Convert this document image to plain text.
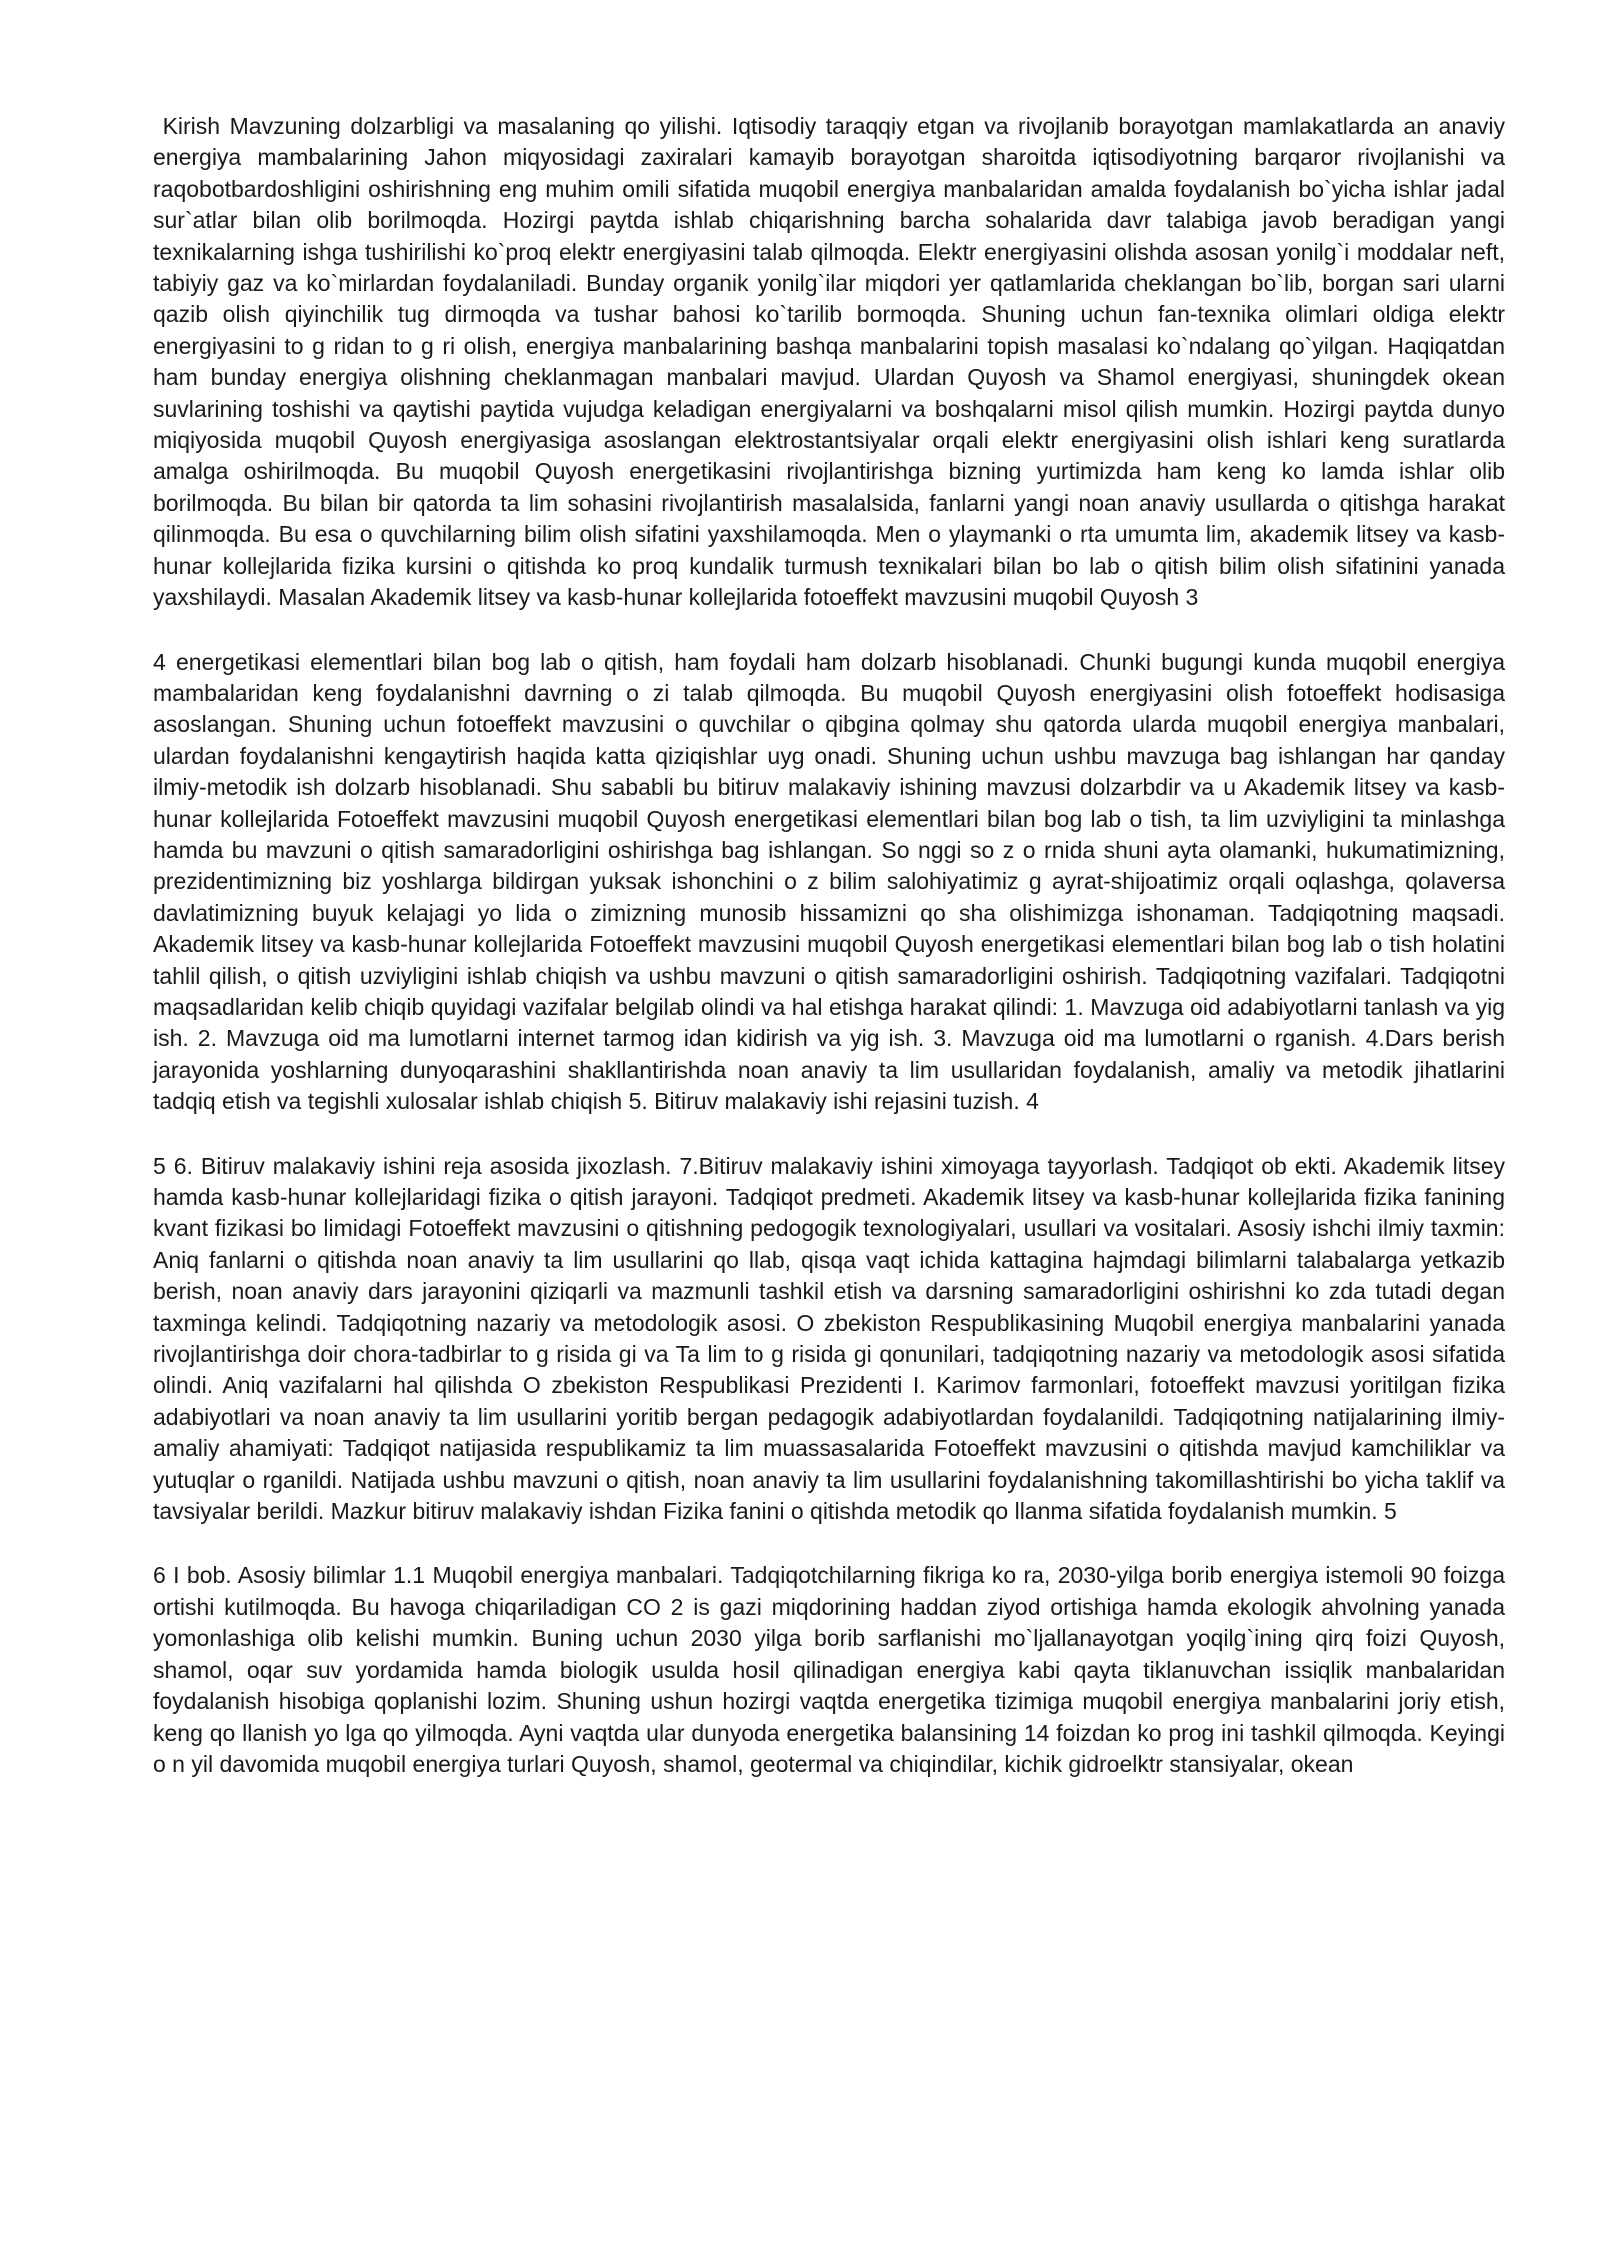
Kirish Mavzuning dolzarbligi va masalaning qo yilishi. Iqtisodiy taraqqiy etgan va rivojlanib borayotgan mamlakatlarda an anaviy energiya mambalarining Jahon miqyosidagi zaxiralari kamayib borayotgan sharoitda iqtisodiyotning barqaror rivojlanishi va raqobotbardoshligini oshirishning eng muhim omili sifatida muqobil energiya manbalaridan amalda foydalanish bo`yicha ishlar jadal sur`atlar bilan olib borilmoqda. Hozirgi paytda ishlab chiqarishning barcha sohalarida davr talabiga javob beradigan yangi texnikalarning ishga tushirilishi ko`proq elektr energiyasini talab qilmoqda. Elektr energiyasini olishda asosan yonilg`i moddalar neft, tabiyiy gaz va ko`mirlardan foydalaniladi. Bunday organik yonilg`ilar miqdori yer qatlamlarida cheklangan bo`lib, borgan sari ularni qazib olish qiyinchilik tug dirmoqda va tushar bahosi ko`tarilib bormoqda. Shuning uchun fan-texnika olimlari oldiga elektr energiyasini to g ridan to g ri olish, energiya manbalarining bashqa manbalarini topish masalasi ko`ndalang qo`yilgan. Haqiqatdan ham bunday energiya olishning cheklanmagan manbalari mavjud. Ulardan Quyosh va Shamol energiyasi, shuningdek okean suvlarining toshishi va qaytishi paytida vujudga keladigan energiyalarni va boshqalarni misol qilish mumkin. Hozirgi paytda dunyo miqiyosida muqobil Quyosh energiyasiga asoslangan elektrostantsiyalar orqali elektr energiyasini olish ishlari keng suratlarda amalga oshirilmoqda. Bu muqobil Quyosh energetikasini rivojlantirishga bizning yurtimizda ham keng ko lamda ishlar olib borilmoqda. Bu bilan bir qatorda ta lim sohasini rivojlantirish masalalsida, fanlarni yangi noan anaviy usullarda o qitishga harakat qilinmoqda. Bu esa o quvchilarning bilim olish sifatini yaxshilamoqda. Men o ylaymanki o rta umumta lim, akademik litsey va kasb-hunar kollejlarida fizika kursini o qitishda ko proq kundalik turmush texnikalari bilan bo lab o qitish bilim olish sifatinini yanada yaxshilaydi. Masalan Akademik litsey va kasb-hunar kollejlarida fotoeffekt mavzusini muqobil Quyosh 3

4 energetikasi elementlari bilan bog lab o qitish, ham foydali ham dolzarb hisoblanadi. Chunki bugungi kunda muqobil energiya mambalaridan keng foydalanishni davrning o zi talab qilmoqda. Bu muqobil Quyosh energiyasini olish fotoeffekt hodisasiga asoslangan. Shuning uchun fotoeffekt mavzusini o quvchilar o qibgina qolmay shu qatorda ularda muqobil energiya manbalari, ulardan foydalanishni kengaytirish haqida katta qiziqishlar uyg onadi. Shuning uchun ushbu mavzuga bag ishlangan har qanday ilmiy-metodik ish dolzarb hisoblanadi. Shu sababli bu bitiruv malakaviy ishining mavzusi dolzarbdir va u Akademik litsey va kasb-hunar kollejlarida Fotoeffekt mavzusini muqobil Quyosh energetikasi elementlari bilan bog lab o tish, ta lim uzviyligini ta minlashga hamda bu mavzuni o qitish samaradorligini oshirishga bag ishlangan. So nggi so z o rnida shuni ayta olamanki, hukumatimizning, prezidentimizning biz yoshlarga bildirgan yuksak ishonchini o z bilim salohiyatimiz g ayrat-shijoatimiz orqali oqlashga, qolaversa davlatimizning buyuk kelajagi yo lida o zimizning munosib hissamizni qo sha olishimizga ishonaman. Tadqiqotning maqsadi. Akademik litsey va kasb-hunar kollejlarida Fotoeffekt mavzusini muqobil Quyosh energetikasi elementlari bilan bog lab o tish holatini tahlil qilish, o qitish uzviyligini ishlab chiqish va ushbu mavzuni o qitish samaradorligini oshirish. Tadqiqotning vazifalari. Tadqiqotni maqsadlaridan kelib chiqib quyidagi vazifalar belgilab olindi va hal etishga harakat qilindi: 1. Mavzuga oid adabiyotlarni tanlash va yig ish. 2. Mavzuga oid ma lumotlarni internet tarmog idan kidirish va yig ish. 3. Mavzuga oid ma lumotlarni o rganish. 4.Dars berish jarayonida yoshlarning dunyoqarashini shakllantirishda noan anaviy ta lim usullaridan foydalanish, amaliy va metodik jihatlarini tadqiq etish va tegishli xulosalar ishlab chiqish 5. Bitiruv malakaviy ishi rejasini tuzish. 4

5 6. Bitiruv malakaviy ishini reja asosida jixozlash. 7.Bitiruv malakaviy ishini ximoyaga tayyorlash. Tadqiqot ob ekti. Akademik litsey hamda kasb-hunar kollejlaridagi fizika o qitish jarayoni. Tadqiqot predmeti. Akademik litsey va kasb-hunar kollejlarida fizika fanining kvant fizikasi bo limidagi Fotoeffekt mavzusini o qitishning pedogogik texnologiyalari, usullari va vositalari. Asosiy ishchi ilmiy taxmin: Aniq fanlarni o qitishda noan anaviy ta lim usullarini qo llab, qisqa vaqt ichida kattagina hajmdagi bilimlarni talabalarga yetkazib berish, noan anaviy dars jarayonini qiziqarli va mazmunli tashkil etish va darsning samaradorligini oshirishni ko zda tutadi degan taxminga kelindi. Tadqiqotning nazariy va metodologik asosi. O zbekiston Respublikasining Muqobil energiya manbalarini yanada rivojlantirishga doir chora-tadbirlar to g risida gi va Ta lim to g risida gi qonunilari, tadqiqotning nazariy va metodologik asosi sifatida olindi. Aniq vazifalarni hal qilishda O zbekiston Respublikasi Prezidenti I. Karimov farmonlari, fotoeffekt mavzusi yoritilgan fizika adabiyotlari va noan anaviy ta lim usullarini yoritib bergan pedagogik adabiyotlardan foydalanildi. Tadqiqotning natijalarining ilmiy-amaliy ahamiyati: Tadqiqot natijasida respublikamiz ta lim muassasalarida Fotoeffekt mavzusini o qitishda mavjud kamchiliklar va yutuqlar o rganildi. Natijada ushbu mavzuni o qitish, noan anaviy ta lim usullarini foydalanishning takomillashtirishi bo yicha taklif va tavsiyalar berildi. Mazkur bitiruv malakaviy ishdan Fizika fanini o qitishda metodik qo llanma sifatida foydalanish mumkin. 5

6 I bob. Asosiy bilimlar 1.1 Muqobil energiya manbalari. Tadqiqotchilarning fikriga ko ra, 2030-yilga borib energiya istemoli 90 foizga ortishi kutilmoqda. Bu havoga chiqariladigan CO 2 is gazi miqdorining haddan ziyod ortishiga hamda ekologik ahvolning yanada yomonlashiga olib kelishi mumkin. Buning uchun 2030 yilga borib sarflanishi mo`ljallanayotgan yoqilg`ining qirq foizi Quyosh, shamol, oqar suv yordamida hamda biologik usulda hosil qilinadigan energiya kabi qayta tiklanuvchan issiqlik manbalaridan foydalanish hisobiga qoplanishi lozim. Shuning ushun hozirgi vaqtda energetika tizimiga muqobil energiya manbalarini joriy etish, keng qo llanish yo lga qo yilmoqda. Ayni vaqtda ular dunyoda energetika balansining 14 foizdan ko prog ini tashkil qilmoqda. Keyingi o n yil davomida muqobil energiya turlari Quyosh, shamol, geotermal va chiqindilar, kichik gidroelktr stansiyalar, okean
